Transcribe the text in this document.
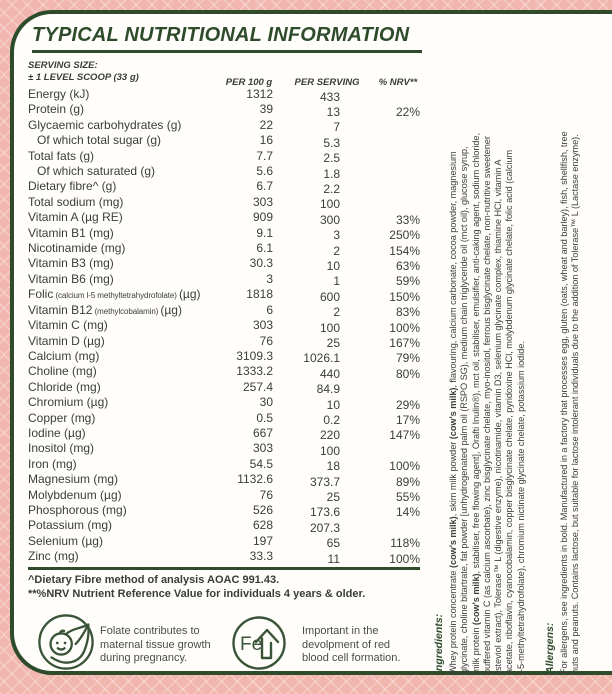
TYPICAL NUTRITIONAL INFORMATION
SERVING SIZE:
± 1 LEVEL SCOOP (33 g)	PER 100 g	PER SERVING	% NRV**
Energy (kJ)	1312	433
Protein (g)	39	13	22%
Glycaemic carbohydrates (g)	22	7
Of which total sugar (g)	16	5.3
Total fats (g)	7.7	2.5
Of which saturated (g)	5.6	1.8
Dietary fibre^ (g)	6.7	2.2
Total sodium (mg)	303	100
Vitamin A (µg RE)	909	300	33%
Vitamin B1 (mg)	9.1	3	250%
Nicotinamide (mg)	6.1	2	154%
Vitamin B3 (mg)	30.3	10	63%
Vitamin B6 (mg)	3	1	59%
Folic (calcium l-5 methyltetrahydrofolate) (µg)	1818	600	150%
Vitamin B12 (methylcobalamin) (µg)	6	2	83%
Vitamin C (mg)	303	100	100%
Vitamin D (µg)	76	25	167%
Calcium (mg)	3109.3	1026.1	79%
Choline (mg)	1333.2	440	80%
Chloride (mg)	257.4	84.9
Chromium (µg)	30	10	29%
Copper (mg)	0.5	0.2	17%
Iodine (µg)	667	220	147%
Inositol (mg)	303	100
Iron (mg)	54.5	18	100%
Magnesium (mg)	1132.6	373.7	89%
Molybdenum (µg)	76	25	55%
Phosphorous (mg)	526	173.6	14%
Potassium (mg)	628	207.3
Selenium (µg)	197	65	118%
Zinc (mg)	33.3	11	100%
^Dietary Fibre method of analysis AOAC 991.43.
**%NRV Nutrient Reference Value for individuals 4 years & older.
Folate contributes to
maternal tissue growth
during pregnancy.
Fe
Important in the
devolpment of red
blood cell formation.	Ingredients: Whey protein concentrate (cow's milk), skim milk powder (cow's milk), flavouring, calcium carbonate, cocoa powder, magnesium glycinate, choline bitartrate, fat powder [unhydrogenated palm oil (RSPO SG), medium chain triglyceride oil (mct oil), glucose syrup, milk protein (cow's milk), stabiliser, free flowing agent], Orafti Inulin®), mct oil, stabiliser, emulsifier, anti-caking agent, sodium chloride, buffered vitamin C (as calcium ascorbate), zinc bisglycinate chelate, myo-inositol, ferrous bisglycinate chelate, non-nutritive sweetener (steviol extract), Tolerase™ L (digestive enzyme), nicotinamide, vitamin D3, selenium glycinate complex, thiamine HCl, vitamin A acetate, riboflavin, cyanocobalamin, copper bisglycinate chelate, pyridoxine HCl, molybdenum glycinate chelate, folic acid (calcium l-5-methyltetrahydrofolate), chromium nictinate glycinate chelate, potassium iodide. Allergens: For allergens, see ingredients in bold. Manufactured in a factory that processes egg, gluten (oats, wheat and barley), fish, shellfish, tree nuts and peanuts. Contains lactose, but suitable for lactose intolerant individuals due to the addition of Tolerase™ L (Lactase enzyme).
